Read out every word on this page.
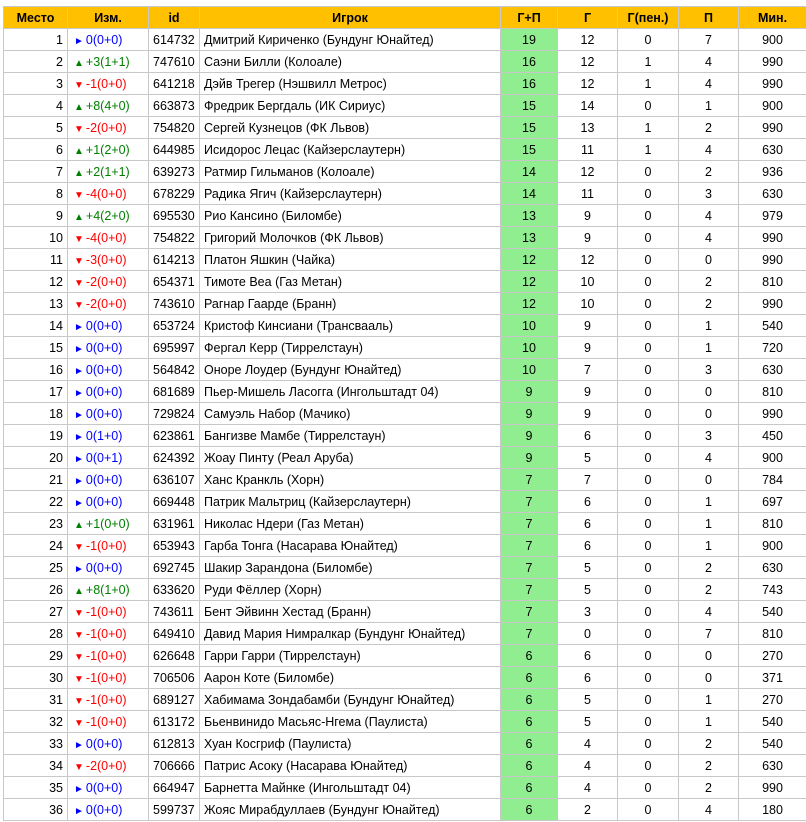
Место	Изм.	id	Игрок	Г+П	Г	Г(пен.)	П	Мин.
1	► 0(0+0)	614732	Дмитрий Кириченко (Бундунг Юнайтед)	19	12	0	7	900
2	▲ +3(1+1)	747610	Саэни Билли (Колоале)	16	12	1	4	990
3	▼ -1(0+0)	641218	Дэйв Трегер (Нэшвилл Метрос)	16	12	1	4	990
4	▲ +8(4+0)	663873	Фредрик Бергдаль (ИК Сириус)	15	14	0	1	900
5	▼ -2(0+0)	754820	Сергей Кузнецов (ФК Львов)	15	13	1	2	990
6	▲ +1(2+0)	644985	Исидорос Лецас (Кайзерслаутерн)	15	11	1	4	630
7	▲ +2(1+1)	639273	Ратмир Гильманов (Колоале)	14	12	0	2	936
8	▼ -4(0+0)	678229	Радика Ягич (Кайзерслаутерн)	14	11	0	3	630
9	▲ +4(2+0)	695530	Рио Кансино (Биломбе)	13	9	0	4	979
10	▼ -4(0+0)	754822	Григорий Молочков (ФК Львов)	13	9	0	4	990
11	▼ -3(0+0)	614213	Платон Яшкин (Чайка)	12	12	0	0	990
12	▼ -2(0+0)	654371	Тимоте Веа (Газ Метан)	12	10	0	2	810
13	▼ -2(0+0)	743610	Рагнар Гаарде (Бранн)	12	10	0	2	990
14	► 0(0+0)	653724	Кристоф Кинсиани (Трансвааль)	10	9	0	1	540
15	► 0(0+0)	695997	Фергал Керр (Тиррелстаун)	10	9	0	1	720
16	► 0(0+0)	564842	Оноре Лоудер (Бундунг Юнайтед)	10	7	0	3	630
17	► 0(0+0)	681689	Пьер-Мишель Ласогга (Ингольштадт 04)	9	9	0	0	810
18	► 0(0+0)	729824	Самуэль Набор (Мачико)	9	9	0	0	990
19	► 0(1+0)	623861	Бангизве Мамбе (Тиррелстаун)	9	6	0	3	450
20	► 0(0+1)	624392	Жоау Пинту (Реал Аруба)	9	5	0	4	900
21	► 0(0+0)	636107	Ханс Кранкль (Хорн)	7	7	0	0	784
22	► 0(0+0)	669448	Патрик Мальтриц (Кайзерслаутерн)	7	6	0	1	697
23	▲ +1(0+0)	631961	Николас Ндери (Газ Метан)	7	6	0	1	810
24	▼ -1(0+0)	653943	Гарба Тонга (Насарава Юнайтед)	7	6	0	1	900
25	► 0(0+0)	692745	Шакир Зарандона (Биломбе)	7	5	0	2	630
26	▲ +8(1+0)	633620	Руди Фёллер (Хорн)	7	5	0	2	743
27	▼ -1(0+0)	743611	Бент Эйвинн Хестад (Бранн)	7	3	0	4	540
28	▼ -1(0+0)	649410	Давид Мария Нимралкар (Бундунг Юнайтед)	7	0	0	7	810
29	▼ -1(0+0)	626648	Гарри Гарри (Тиррелстаун)	6	6	0	0	270
30	▼ -1(0+0)	706506	Аарон Коте (Биломбе)	6	6	0	0	371
31	▼ -1(0+0)	689127	Хабимама Зондабамби (Бундунг Юнайтед)	6	5	0	1	270
32	▼ -1(0+0)	613172	Бьенвинидо Масьяс-Нгема (Паулиста)	6	5	0	1	540
33	► 0(0+0)	612813	Хуан Косгриф (Паулиста)	6	4	0	2	540
34	▼ -2(0+0)	706666	Патрис Асоку (Насарава Юнайтед)	6	4	0	2	630
35	► 0(0+0)	664947	Барнетта Майнке (Ингольштадт 04)	6	4	0	2	990
36	► 0(0+0)	599737	Жояс Мирабдуллаев (Бундунг Юнайтед)	6	2	0	4	180
